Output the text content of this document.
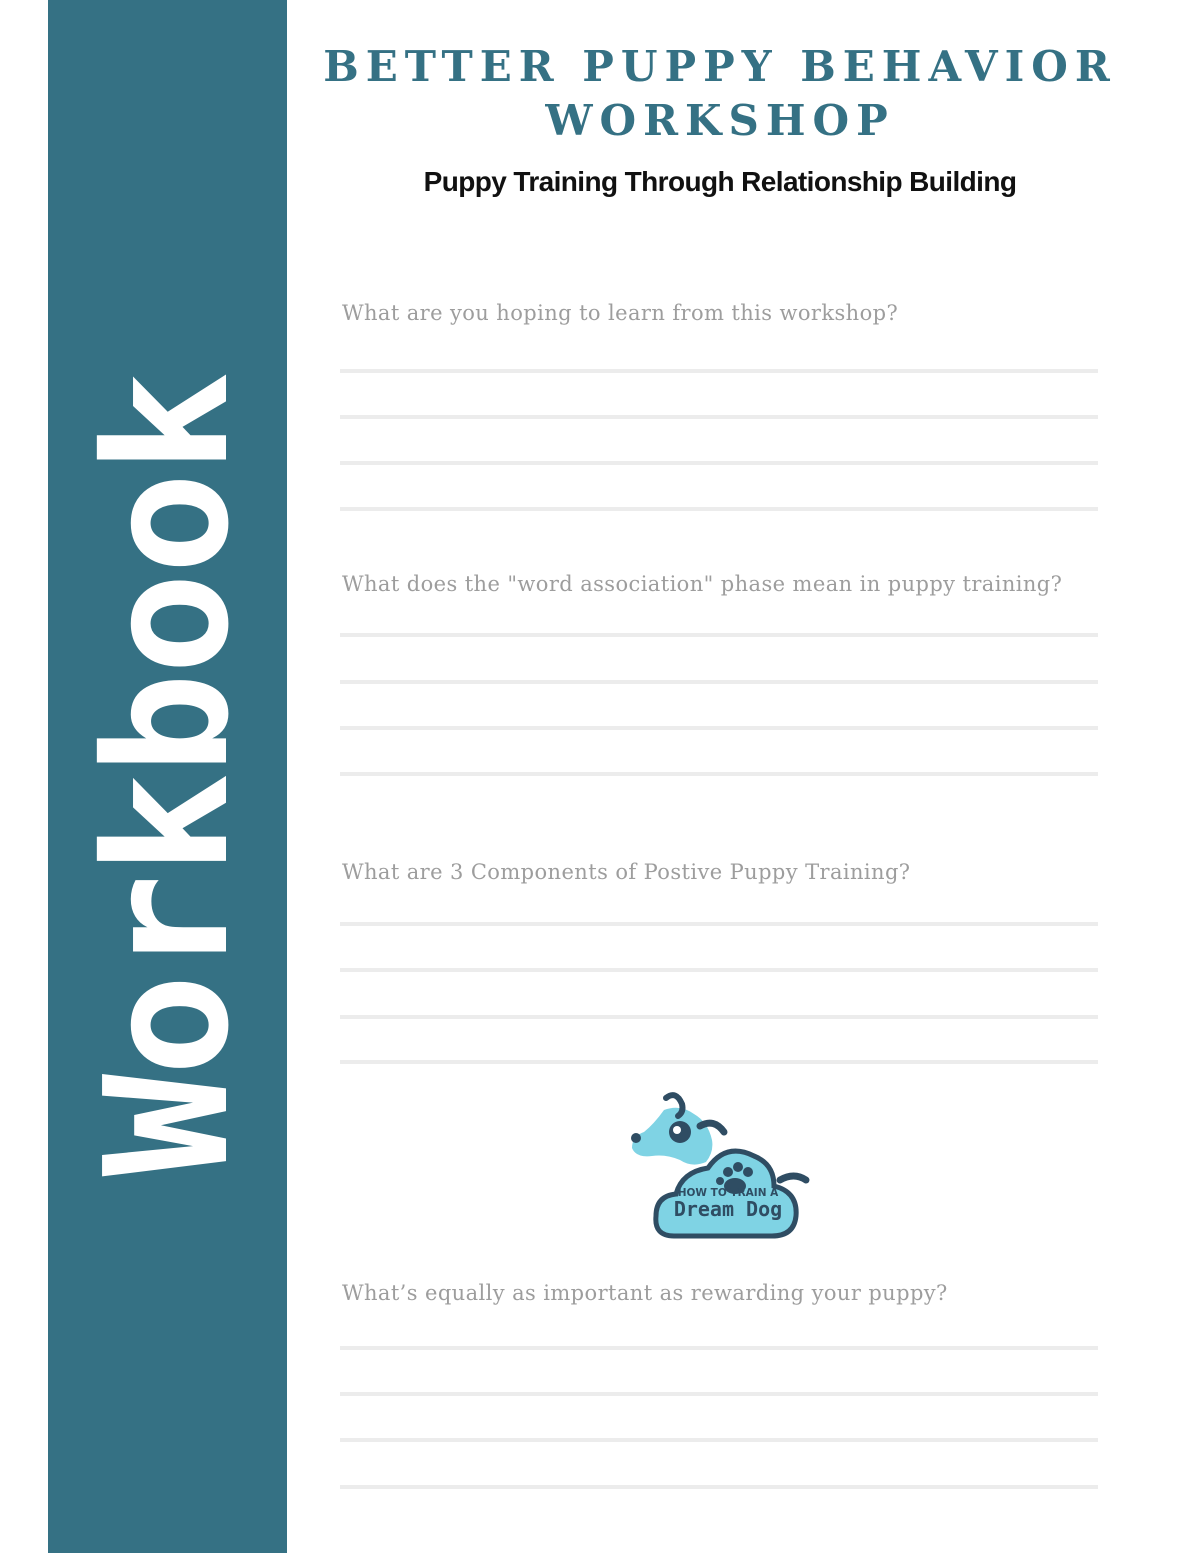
Workbook
BETTER PUPPY BEHAVIOR
WORKSHOP
Puppy Training Through Relationship Building
What are you hoping to learn from this workshop?
What does the "word association" phase mean in puppy training?
What are 3 Components of Postive Puppy Training?
HOW TO TRAIN A
Dream Dog
What’s equally as important as rewarding your puppy?
